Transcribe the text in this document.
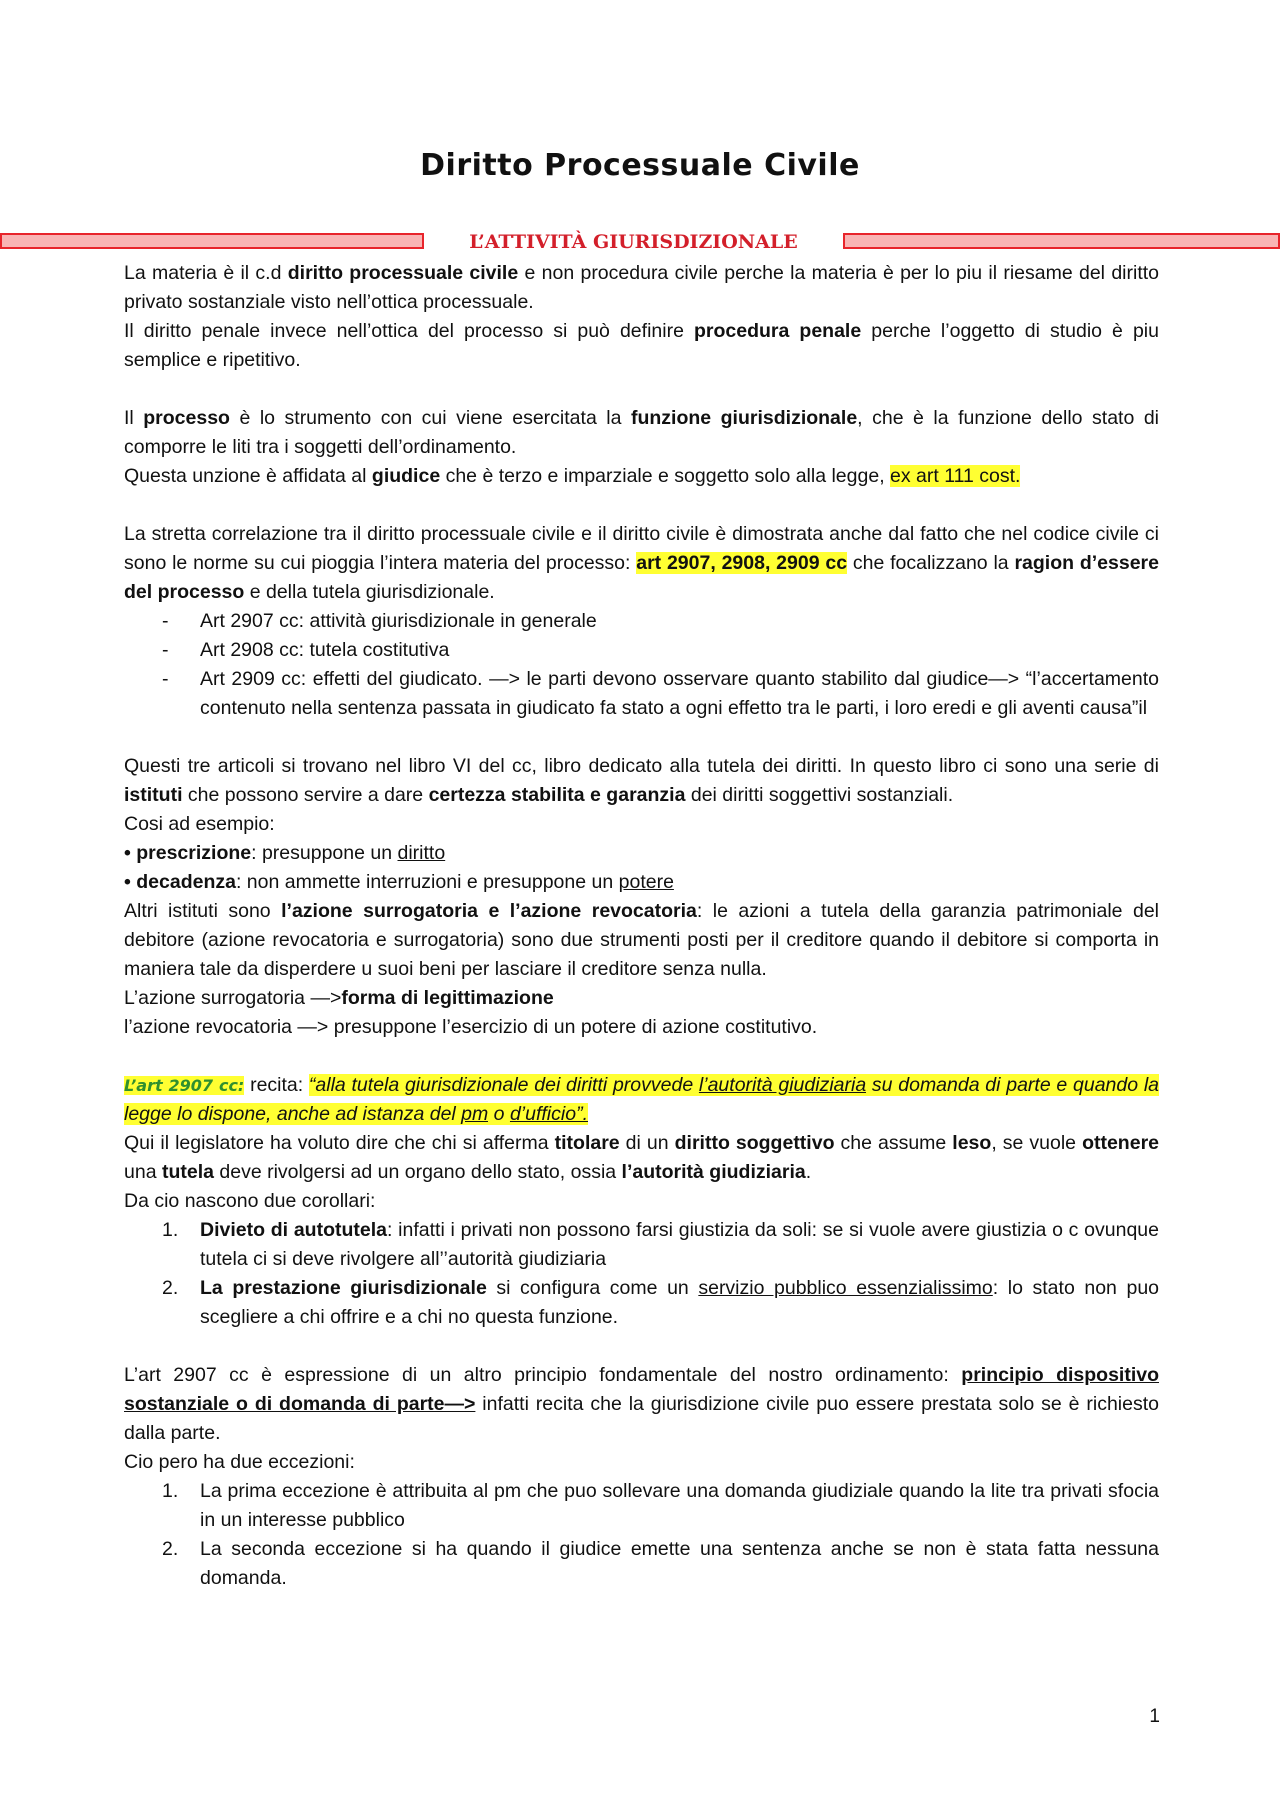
Diritto Processuale Civile
L’ATTIVITÀ GIURISDIZIONALE

La materia è il c.d diritto processuale civile e non procedura civile perche la materia è per lo piu il riesame del diritto privato sostanziale visto nell’ottica processuale.

Il diritto penale invece nell’ottica del processo si può definire procedura penale perche l’oggetto di studio è piu semplice e ripetitivo.

Il processo è lo strumento con cui viene esercitata la funzione giurisdizionale, che è la funzione dello stato di comporre le liti tra i soggetti dell’ordinamento.

Questa unzione è affidata al giudice che è terzo e imparziale e soggetto solo alla legge, ex art 111 cost.

La stretta correlazione tra il diritto processuale civile e il diritto civile è dimostrata anche dal fatto che nel codice civile ci sono le norme su cui pioggia l’intera materia del processo: art 2907, 2908, 2909 cc che focalizzano la ragion d’essere del processo e della tutela giurisdizionale.

- Art 2907 cc: attività giurisdizionale in generale
- Art 2908 cc: tutela costitutiva
- Art 2909 cc: effetti del giudicato. —> le parti devono osservare quanto stabilito dal giudice—> “l’accertamento contenuto nella sentenza passata in giudicato fa stato a ogni effetto tra le parti, i loro eredi e gli aventi causa”il

Questi tre articoli si trovano nel libro VI del cc, libro dedicato alla tutela dei diritti. In questo libro ci sono una serie di istituti che possono servire a dare certezza stabilita e garanzia dei diritti soggettivi sostanziali.

Cosi ad esempio:

• prescrizione: presuppone un diritto

• decadenza: non ammette interruzioni e presuppone un potere

Altri istituti sono l’azione surrogatoria e l’azione revocatoria: le azioni a tutela della garanzia patrimoniale del debitore (azione revocatoria e surrogatoria) sono due strumenti posti per il creditore quando il debitore si comporta in maniera tale da disperdere u suoi beni per lasciare il creditore senza nulla.

L’azione surrogatoria —>forma di legittimazione

l’azione revocatoria —> presuppone l’esercizio di un potere di azione costitutivo.

L’art 2907 cc: recita: “alla tutela giurisdizionale dei diritti provvede l’autorità giudiziaria su domanda di parte e quando la legge lo dispone, anche ad istanza del pm o d’ufficio”.

Qui il legislatore ha voluto dire che chi si afferma titolare di un diritto soggettivo che assume leso, se vuole ottenere una tutela deve rivolgersi ad un organo dello stato, ossia l’autorità giudiziaria.

Da cio nascono due corollari:

1. Divieto di autotutela: infatti i privati non possono farsi giustizia da soli: se si vuole avere giustizia o c ovunque tutela ci si deve rivolgere all’’autorità giudiziaria
2. La prestazione giurisdizionale si configura come un servizio pubblico essenzialissimo: lo stato non puo scegliere a chi offrire e a chi no questa funzione.

L’art 2907 cc è espressione di un altro principio fondamentale del nostro ordinamento: principio dispositivo sostanziale o di domanda di parte—> infatti recita che la giurisdizione civile puo essere prestata solo se è richiesto dalla parte.

Cio pero ha due eccezioni:

1. La prima eccezione è attribuita al pm che puo sollevare una domanda giudiziale quando la lite tra privati sfocia in un interesse pubblico
2. La seconda eccezione si ha quando il giudice emette una sentenza anche se non è stata fatta nessuna domanda.
1
